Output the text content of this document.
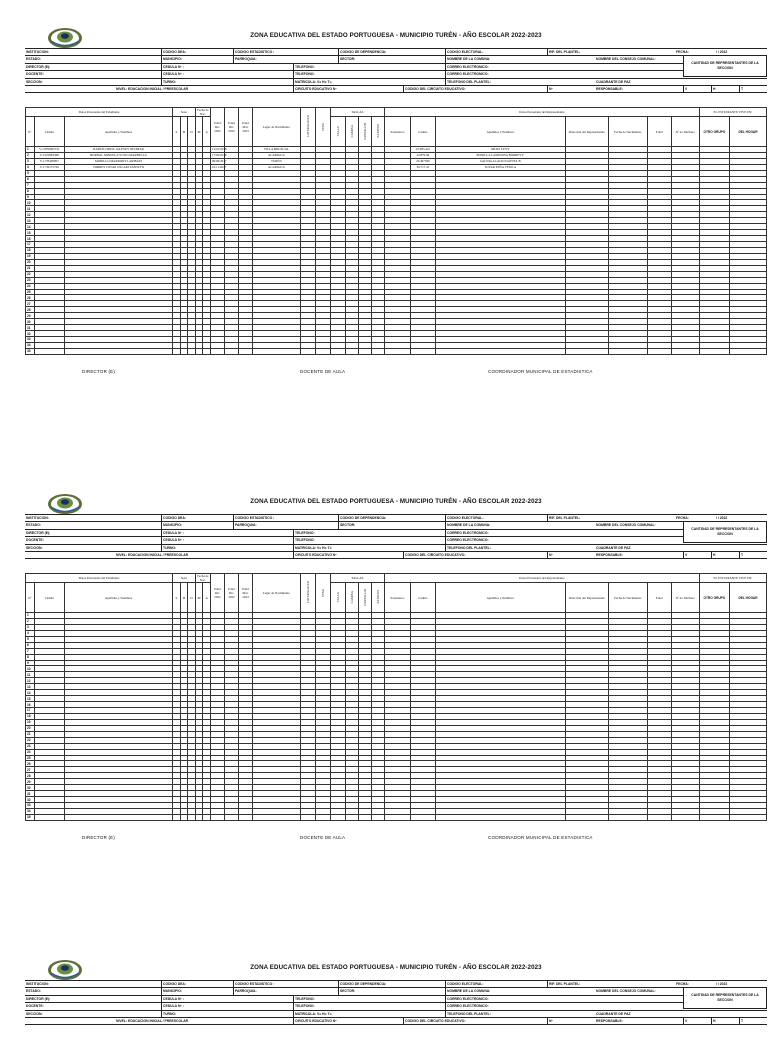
ZONA EDUCATIVA DEL ESTADO PORTUGUESA - MUNICIPIO TURÉN - AÑO ESCOLAR 2022-2023
INSTITUCION:	CODIGO DEA:	CODIGO ESTADISTICO :	CODIGO DE DEPENDENCIA:	CODIGO ELECTORAL:	RIF. DEL PLANTEL:	FECHA:	/ / 2022
ESTADO:	MUNICIPIO:	PARROQUIA:	SECTOR:	NOMBRE DE LA COMUNA:	NOMBRE DEL CONSEJO COMUNAL:
DIRECTOR (E):	CEDULA Nº :	TELEFONO:	CORREO ELECTRONICO:
DOCENTE:	CEDULA Nº :	TELEFONO:	CORREO ELECTRONICO:
SECCION:	TURNO:	MATRICULA: V= H= T=	TELEFONO DEL PLANTEL:	CUADRANTE DE PAZ
NIVEL: EDUCACION INICIAL / PREESCOLAR	CIRCUITO EDUCATIVO Nº	CODIGO DEL CIRCUITO EDUCATIVO:	Nº	RESPONSABLE:	V	H	T
CANTIDAD DE REPRESENTANTES DE LA SECCION
Datos Personales del Estudiante			Sexo			Fecha de Nac.		Edad Dic. 2022	Edad Dic. 2022	Edad Mar. 2023	Lugar de Nacimiento	LATERALIDAD	PESO	TALLAS				Datos Personales del Representante							EL ESTUDIANTE VIVE EN:	
Nº	Cédula	Apellidos y Nombres	S	H	D	M	A							TALLA	CAMISA	PANTALON	ZAPATOS	Parentesco	Cédula	Apellidos y Nombres	Dirección del Representante	Fecha de Nacimiento	Edad	Nº de Teléfono	OTRO GRUPO	DEL HOGAR
1	V-11839995731	RAMOS ORTIZ JALEXEY NEOMAR						14/01/2018			VILLA BRUZUAL								19.983.441	ORTIZ LEYY						
2	V-1502883398	BORNAL MINOLLA YUSLI MARBELLA						17/02/2018			ACARIGUA								20.879.96	BONILLA LAMINOSA BORREVY						
3	V-1178400967	MORILLO MARROKYL ARIBAEI						09/06/2017			TURÉN								20.497596	GALNIA ACACIO DAYTEL B						
4	V-1739175769	TORRES TOVAR OSCARI YANSLYN						16/11/2017			ACARIGUA								36.717.41	TOVAR PEÑA YESICA						
5																										
6																										
7																										
8																										
9																										
10																										
11																										
12																										
13																										
14																										
15																										
16																										
17																										
18																										
19																										
20																										
21																										
22																										
23																										
24																										
25																										
26																										
27																										
28																										
29																										
30																										
31																										
32																										
33																										
34																										
35																										
DIRECTOR (E)	DOCENTE DE AULA	COORDINADOR MUNICIPAL DE ESTADISTICA
ZONA EDUCATIVA DEL ESTADO PORTUGUESA - MUNICIPIO TURÉN - AÑO ESCOLAR 2022-2023
INSTITUCION:	CODIGO DEA:	CODIGO ESTADISTICO :	CODIGO DE DEPENDENCIA:	CODIGO ELECTORAL:	RIF. DEL PLANTEL:	FECHA:	/ / 2022
ESTADO:	MUNICIPIO:	PARROQUIA:	SECTOR:	NOMBRE DE LA COMUNA:	NOMBRE DEL CONSEJO COMUNAL:
DIRECTOR (E):	CEDULA Nº :	TELEFONO:	CORREO ELECTRONICO:
DOCENTE:	CEDULA Nº :	TELEFONO:	CORREO ELECTRONICO:
SECCION:	TURNO:	MATRICULA: V= H= T=	TELEFONO DEL PLANTEL:	CUADRANTE DE PAZ
NIVEL: EDUCACION INICIAL / PREESCOLAR	CIRCUITO EDUCATIVO Nº	CODIGO DEL CIRCUITO EDUCATIVO:	Nº	RESPONSABLE:	V	H	T
CANTIDAD DE REPRESENTANTES DE LA SECCION
Datos Personales del Estudiante			Sexo			Fecha de Nac.		Edad Dic. 2022	Edad Dic. 2022	Edad Mar. 2023	Lugar de Nacimiento	LATERALIDAD	PESO	TALLAS				Datos Personales del Representante							EL ESTUDIANTE VIVE EN:	
Nº	Cédula	Apellidos y Nombres	S	H	D	M	A							TALLA	CAMISA	PANTALON	ZAPATOS	Parentesco	Cédula	Apellidos y Nombres	Dirección del Representante	Fecha de Nacimiento	Edad	Nº de Teléfono	OTRO GRUPO	DEL HOGAR
1																										
2																										
3																										
4																										
5																										
6																										
7																										
8																										
9																										
10																										
11																										
12																										
13																										
14																										
15																										
16																										
17																										
18																										
19																										
20																										
21																										
22																										
23																										
24																										
25																										
26																										
27																										
28																										
29																										
30																										
31																										
32																										
33																										
34																										
35																										
DIRECTOR (E)	DOCENTE DE AULA	COORDINADOR MUNICIPAL DE ESTADISTICA
ZONA EDUCATIVA DEL ESTADO PORTUGUESA - MUNICIPIO TURÉN - AÑO ESCOLAR 2022-2023
INSTITUCION:	CODIGO DEA:	CODIGO ESTADISTICO :	CODIGO DE DEPENDENCIA:	CODIGO ELECTORAL:	RIF. DEL PLANTEL:	FECHA:	/ / 2022
ESTADO:	MUNICIPIO:	PARROQUIA:	SECTOR:	NOMBRE DE LA COMUNA:	NOMBRE DEL CONSEJO COMUNAL:
DIRECTOR (E):	CEDULA Nº :	TELEFONO:	CORREO ELECTRONICO:
DOCENTE:	CEDULA Nº :	TELEFONO:	CORREO ELECTRONICO:
SECCION:	TURNO:	MATRICULA: V= H= T=	TELEFONO DEL PLANTEL:	CUADRANTE DE PAZ
NIVEL: EDUCACION INICIAL / PREESCOLAR	CIRCUITO EDUCATIVO Nº	CODIGO DEL CIRCUITO EDUCATIVO:	Nº	RESPONSABLE:	V	H	T
CANTIDAD DE REPRESENTANTES DE LA SECCION
